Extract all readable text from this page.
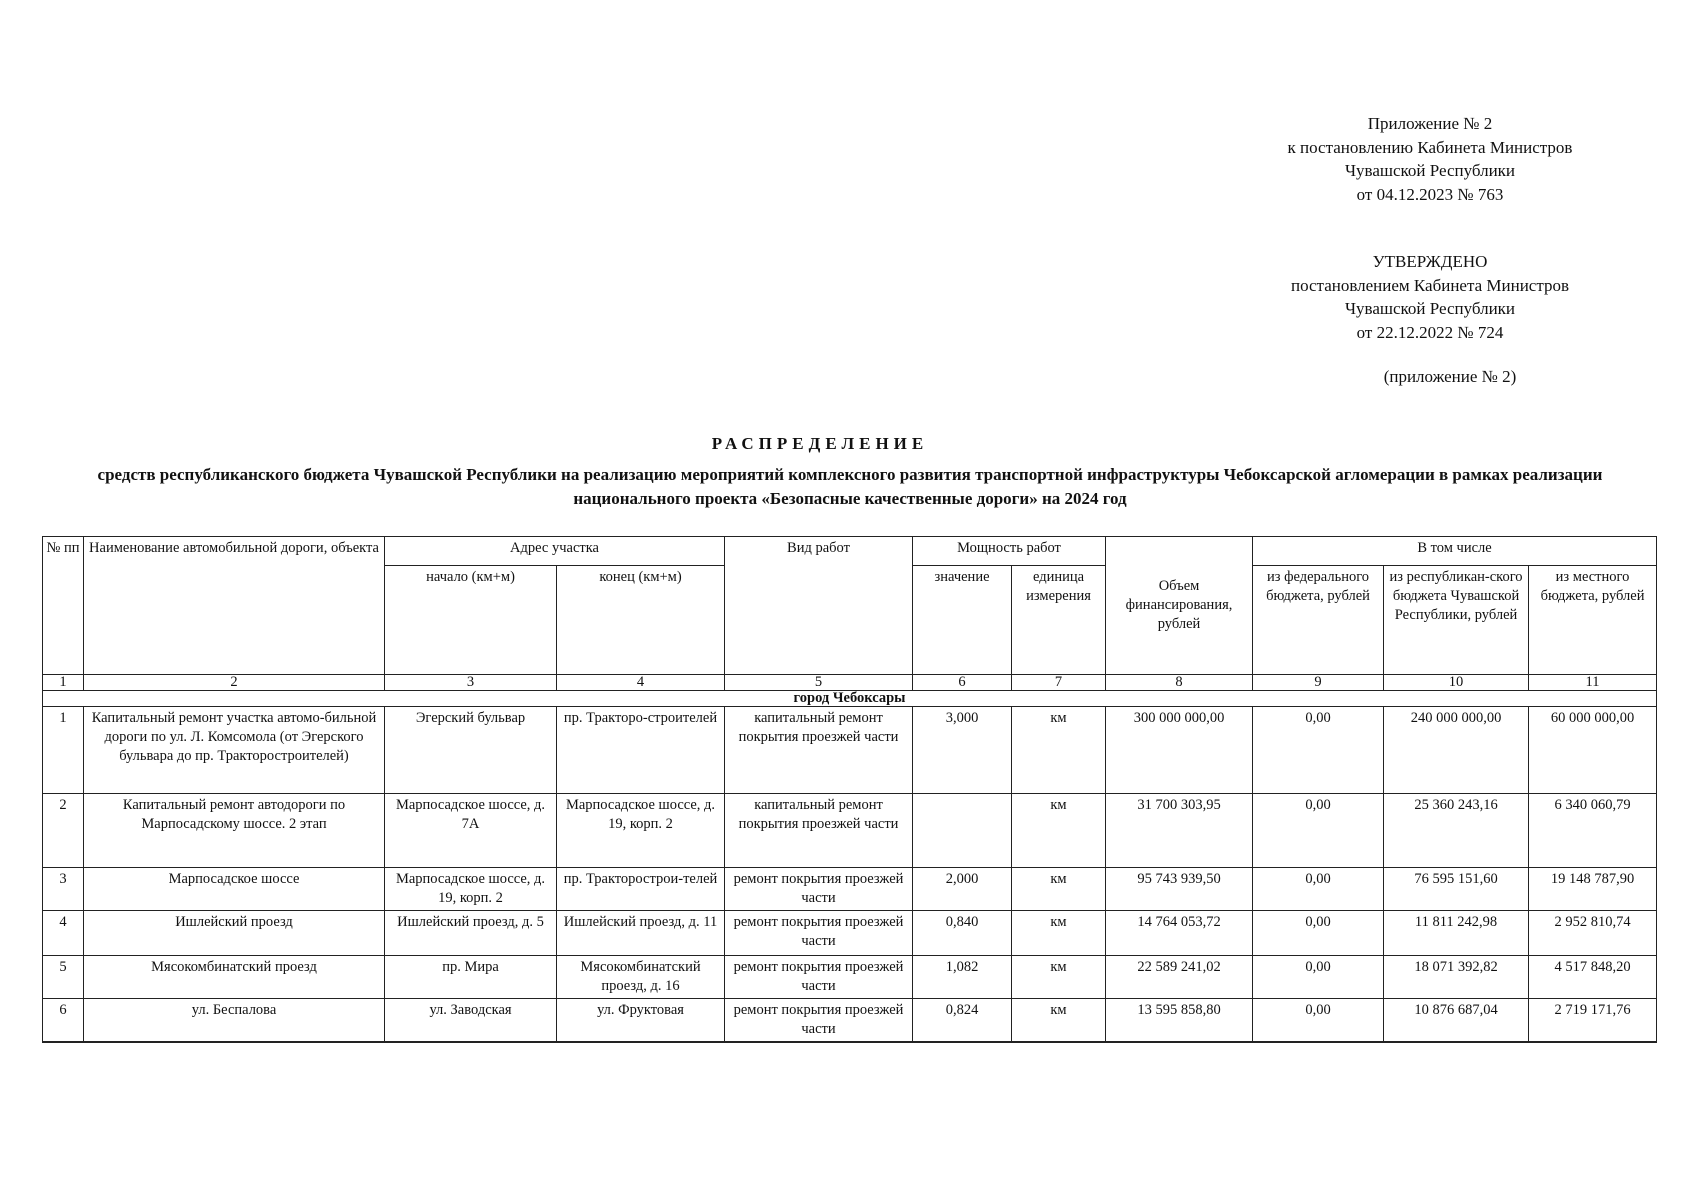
Приложение № 2
к постановлению Кабинета Министров
Чувашской Республики
от 04.12.2023 № 763
УТВЕРЖДЕНО
постановлением Кабинета Министров
Чувашской Республики
от 22.12.2022 № 724
(приложение № 2)
РАСПРЕДЕЛЕНИЕ
средств республиканского бюджета Чувашской Республики на реализацию мероприятий комплексного развития транспортной инфраструктуры Чебоксарской агломерации в рамках реализации национального проекта «Безопасные качественные дороги» на 2024 год
№ пп	Наименование автомобильной дороги, объекта	Адрес участка		Вид работ	Мощность работ		Объем финансирования, рублей	В том числе		
		начало (км+м)	конец (км+м)		значение	единица измерения		из федерального бюджета, рублей	из республикан-ского бюджета Чувашской Республики, рублей	из местного бюджета, рублей
1	2	3	4	5	6	7	8	9	10	11
город Чебоксары										
1	Капитальный ремонт участка автомо-бильной дороги по ул. Л. Комсомола (от Эгерского бульвара до пр. Тракторостроителей)	Эгерский бульвар	пр. Тракторо-строителей	капитальный ремонт покрытия проезжей части	3,000	км	300 000 000,00	0,00	240 000 000,00	60 000 000,00
2	Капитальный ремонт автодороги по Марпосадскому шоссе. 2 этап	Марпосадское шоссе, д. 7А	Марпосадское шоссе, д. 19, корп. 2	капитальный ремонт покрытия проезжей части		км	31 700 303,95	0,00	25 360 243,16	6 340 060,79
3	Марпосадское шоссе	Марпосадское шоссе, д. 19, корп. 2	пр. Тракторострои-телей	ремонт покрытия проезжей части	2,000	км	95 743 939,50	0,00	76 595 151,60	19 148 787,90
4	Ишлейский проезд	Ишлейский проезд, д. 5	Ишлейский проезд, д. 11	ремонт покрытия проезжей части	0,840	км	14 764 053,72	0,00	11 811 242,98	2 952 810,74
5	Мясокомбинатский проезд	пр. Мира	Мясокомбинатский проезд, д. 16	ремонт покрытия проезжей части	1,082	км	22 589 241,02	0,00	18 071 392,82	4 517 848,20
6	ул. Беспалова	ул. Заводская	ул. Фруктовая	ремонт покрытия проезжей части	0,824	км	13 595 858,80	0,00	10 876 687,04	2 719 171,76
